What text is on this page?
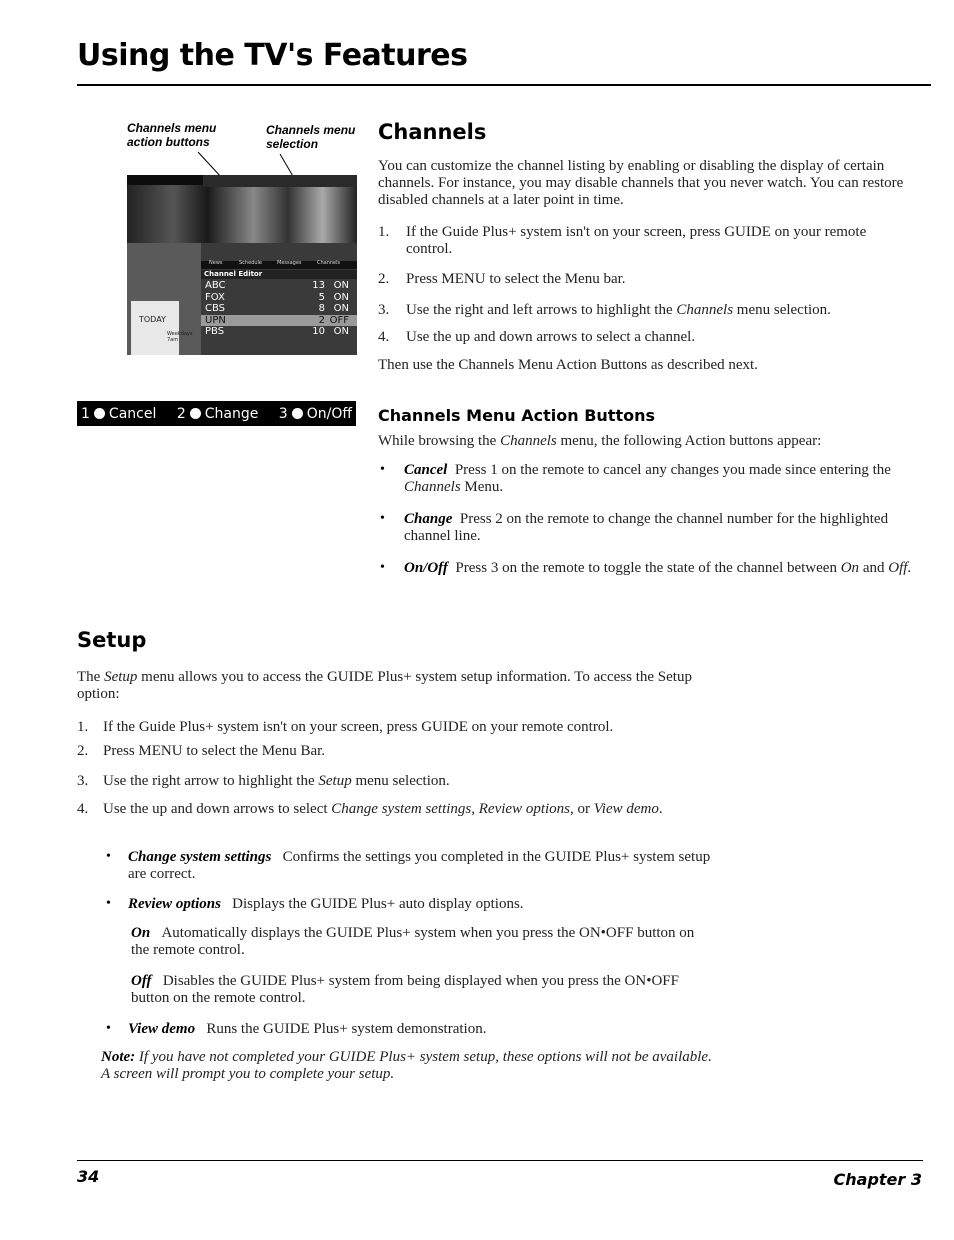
Using the TV's Features
Channels menu
action buttons
Channels menu
selection
TODAY
Weekdays
7am
News	Schedule	Messages	Channels
Channel Editor
ABC	13 ON
FOX	5 ON
CBS	8 ON
UPN	2 OFF
PBS	10 ON
1 Cancel 2 Change 3 On/Off
Channels

You can customize the channel listing by enabling or disabling the display of certain channels. For instance, you may disable channels that you never watch. You can restore disabled channels at a later point in time.

1. If the Guide Plus+ system isn't on your screen, press GUIDE on your remote control.

2. Press MENU to select the Menu bar.

3. Use the right and left arrows to highlight the Channels menu selection.

4. Use the up and down arrows to select a channel.

Then use the Channels Menu Action Buttons as described next.

Channels Menu Action Buttons

While browsing the Channels menu, the following Action buttons appear:

• Cancel Press 1 on the remote to cancel any changes you made since entering the Channels Menu.

• Change Press 2 on the remote to change the channel number for the highlighted channel line.

• On/Off Press 3 on the remote to toggle the state of the channel between On and Off.

Setup

The Setup menu allows you to access the GUIDE Plus+ system setup information. To access the Setup option:

1. If the Guide Plus+ system isn't on your screen, press GUIDE on your remote control.

2. Press MENU to select the Menu Bar.

3. Use the right arrow to highlight the Setup menu selection.

4. Use the up and down arrows to select Change system settings, Review options, or View demo.

• Change system settings Confirms the settings you completed in the GUIDE Plus+ system setup are correct.

• Review options Displays the GUIDE Plus+ auto display options.

On Automatically displays the GUIDE Plus+ system when you press the ON•OFF button on the remote control.

Off Disables the GUIDE Plus+ system from being displayed when you press the ON•OFF button on the remote control.

• View demo Runs the GUIDE Plus+ system demonstration.

Note: If you have not completed your GUIDE Plus+ system setup, these options will not be available. A screen will prompt you to complete your setup.

34	Chapter 3
